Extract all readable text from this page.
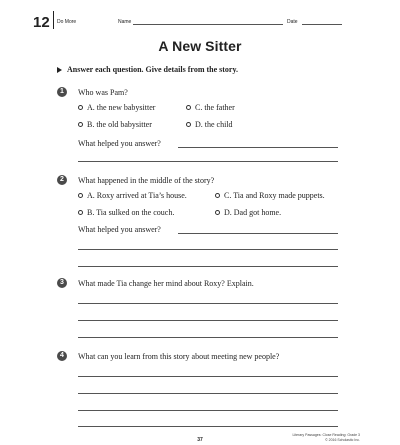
12 Do More	Name	Date
A New Sitter
Answer each question. Give details from the story.
1	Who was Pam?
A. the new babysitter	C. the father
B. the old babysitter	D. the child
What helped you answer?
2	What happened in the middle of the story?
A. Roxy arrived at Tia’s house.	C. Tia and Roxy made puppets.
B. Tia sulked on the couch.	D. Dad got home.
What helped you answer?
3	What made Tia change her mind about Roxy? Explain.
4	What can you learn from this story about meeting new people?
37
Literary Passages: Close Reading: Grade 3
© 2016 Scholastic Inc.
